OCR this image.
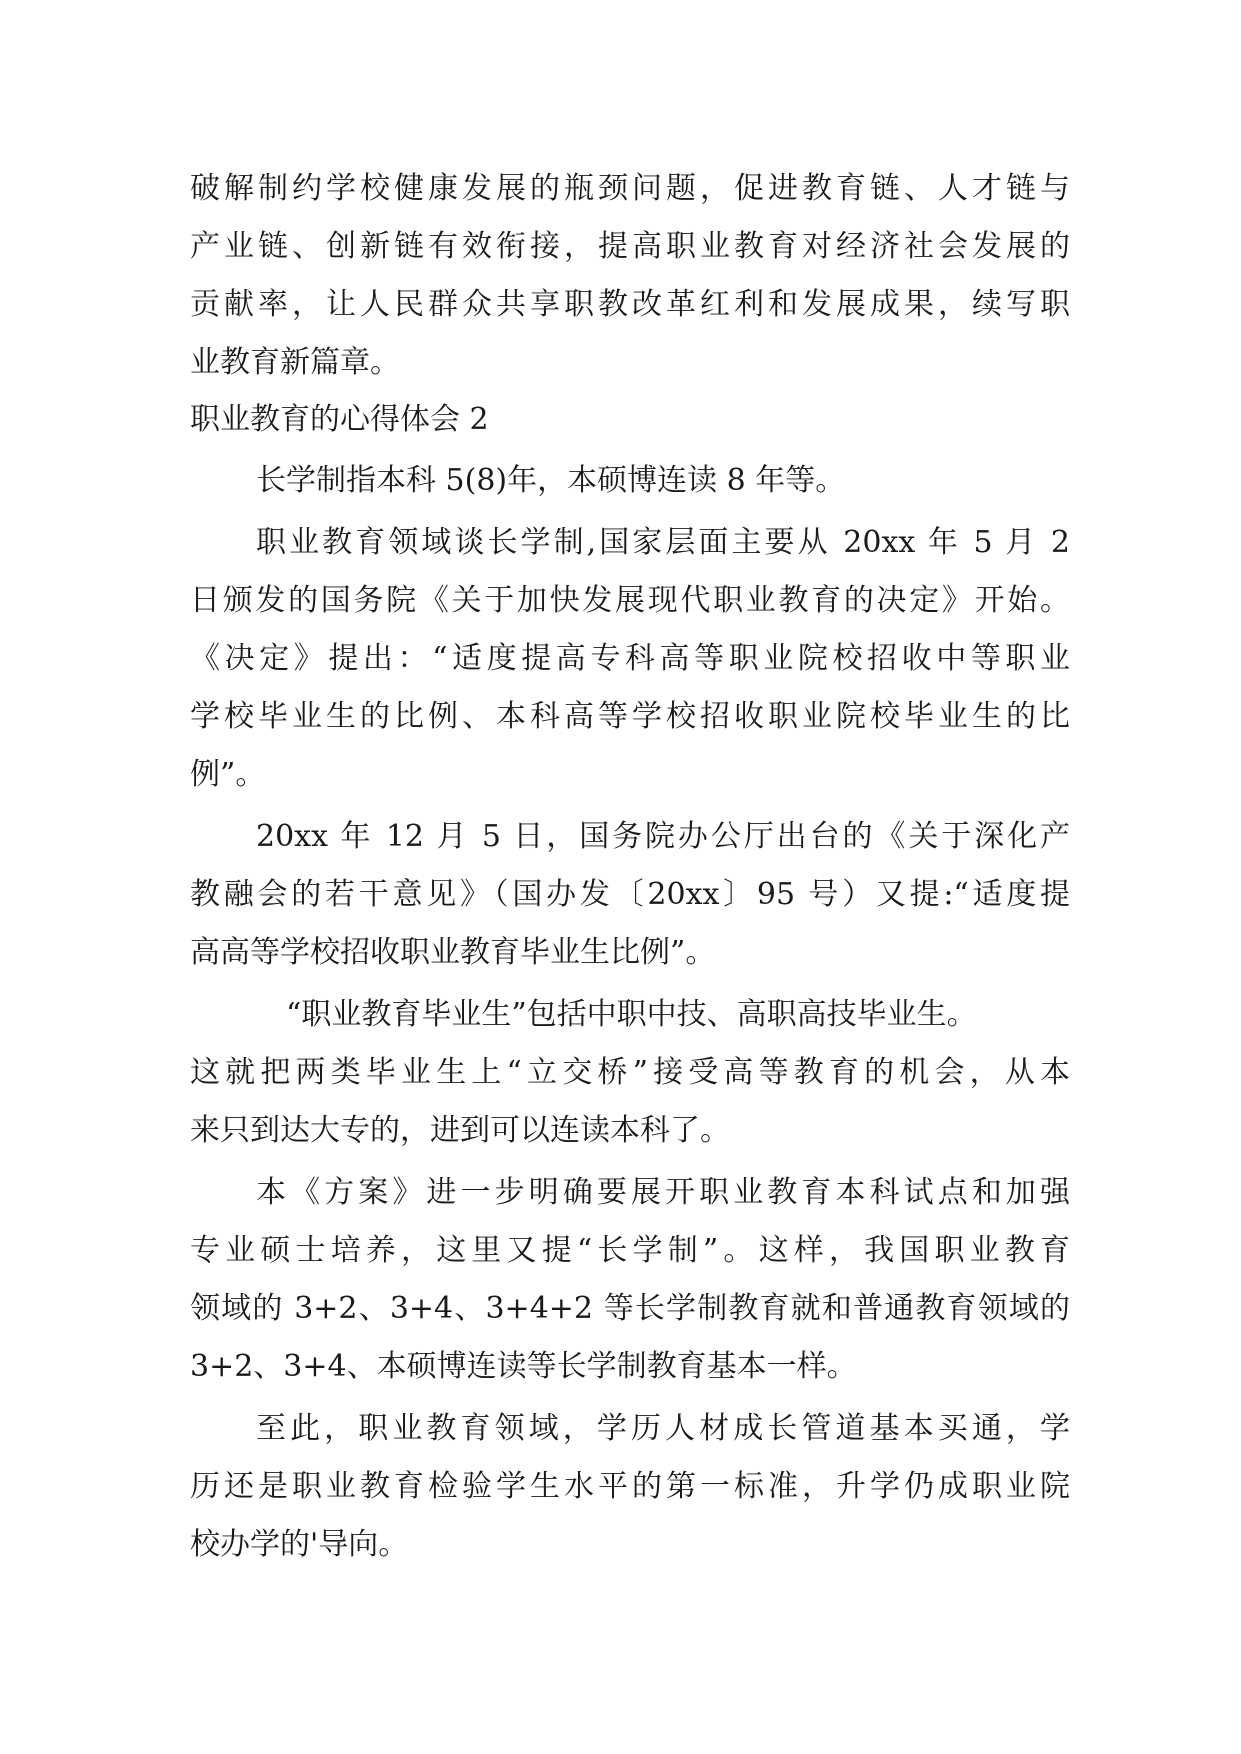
破解制约学校健康发展的瓶颈问题，促进教育链、人才链与
产业链、创新链有效衔接，提高职业教育对经济社会发展的
贡献率，让人民群众共享职教改革红利和发展成果，续写职
业教育新篇章。
职业教育的心得体会 2
长学制指本科 5(8)年，本硕博连读 8 年等。
职业教育领域谈长学制,国家层面主要从 20xx 年 5 月 2
日颁发的国务院《关于加快发展现代职业教育的决定》开始。
《决定》提出：“适度提高专科高等职业院校招收中等职业
学校毕业生的比例、本科高等学校招收职业院校毕业生的比
例”。
20xx 年 12 月 5 日，国务院办公厅出台的《关于深化产
教融会的若干意见》（国办发〔20xx〕95 号）又提:“适度提
高高等学校招收职业教育毕业生比例”。
“职业教育毕业生”包括中职中技、高职高技毕业生。
这就把两类毕业生上“立交桥”接受高等教育的机会，从本
来只到达大专的，进到可以连读本科了。
本《方案》进一步明确要展开职业教育本科试点和加强
专业硕士培养，这里又提“长学制”。这样，我国职业教育
领域的 3+2、3+4、3+4+2 等长学制教育就和普通教育领域的
3+2、3+4、本硕博连读等长学制教育基本一样。
至此，职业教育领域，学历人材成长管道基本买通，学
历还是职业教育检验学生水平的第一标准，升学仍成职业院
校办学的'导向。
